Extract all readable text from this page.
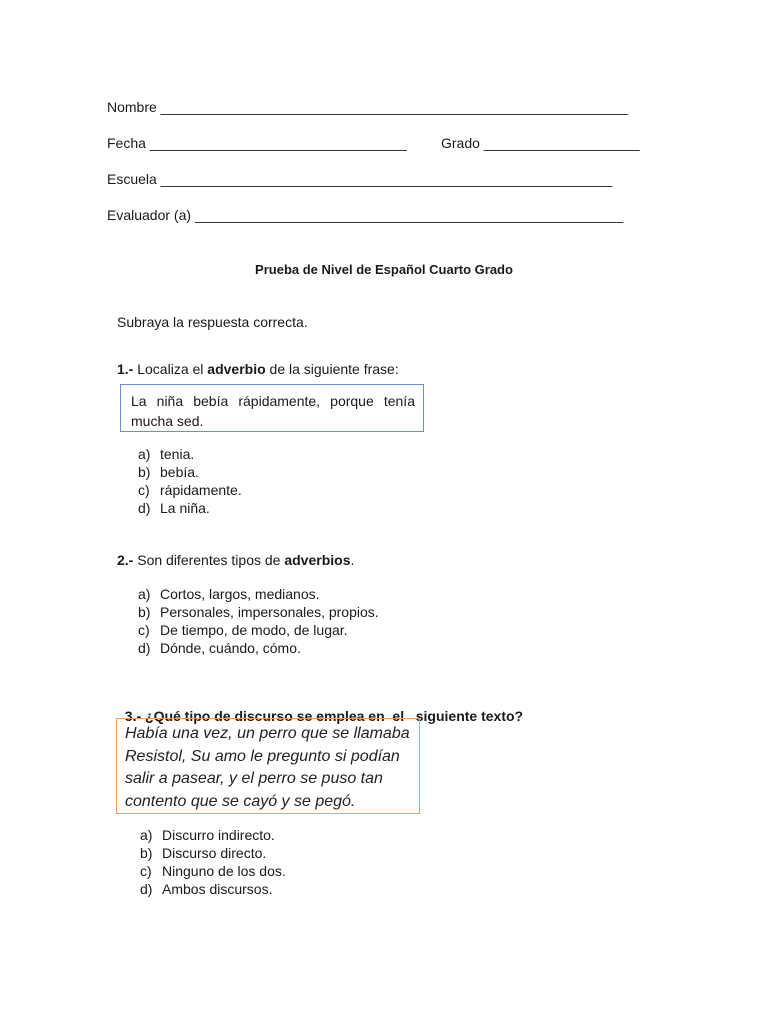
Nombre ____________________________________________________________
Fecha _________________________________ Grado ____________________
Escuela __________________________________________________________
Evaluador (a) _______________________________________________________
Prueba de Nivel de Español Cuarto Grado
Subraya la respuesta correcta.
1.- Localiza el adverbio de la siguiente frase:
La niña bebía rápidamente, porque tenía mucha sed.
a) tenia.
b) bebía.
c) rápidamente.
d) La niña.
2.- Son diferentes tipos de adverbios.
a) Cortos, largos, medianos.
b) Personales, impersonales, propios.
c) De tiempo, de modo, de lugar.
d) Dónde, cuándo, cómo.

3.- ¿Qué tipo de discurso se emplea en  el   siguiente texto?

Había una vez, un perro que se llamaba Resistol, Su amo le pregunto si podían salir a pasear, y el perro se puso tan contento que se cayó y se pegó.
a) Discurro indirecto.
b) Discurso directo.
c) Ninguno de los dos.
d) Ambos discursos.
